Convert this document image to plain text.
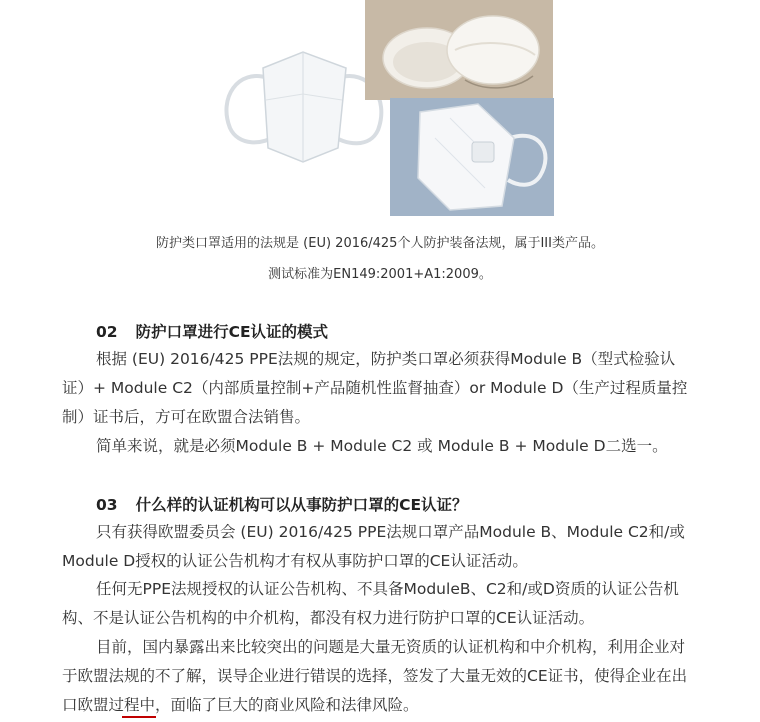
防护类口罩适用的法规是 (EU) 2016/425个人防护装备法规，属于III类产品。
测试标准为EN149:2001+A1:2009。
02 防护口罩进行CE认证的模式
根据 (EU) 2016/425 PPE法规的规定，防护类口罩必须获得Module B（型式检验认
证）+ Module C2（内部质量控制+产品随机性监督抽查）or Module D（生产过程质量控
制）证书后，方可在欧盟合法销售。
简单来说，就是必须Module B + Module C2 或 Module B + Module D二选一。
03 什么样的认证机构可以从事防护口罩的CE认证？
只有获得欧盟委员会 (EU) 2016/425 PPE法规口罩产品Module B、Module C2和/或
Module D授权的认证公告机构才有权从事防护口罩的CE认证活动。
任何无PPE法规授权的认证公告机构、不具备ModuleB、C2和/或D资质的认证公告机
构、不是认证公告机构的中介机构，都没有权力进行防护口罩的CE认证活动。
目前，国内暴露出来比较突出的问题是大量无资质的认证机构和中介机构，利用企业对
于欧盟法规的不了解，误导企业进行错误的选择，签发了大量无效的CE证书，使得企业在出
口欧盟过程中，面临了巨大的商业风险和法律风险。
